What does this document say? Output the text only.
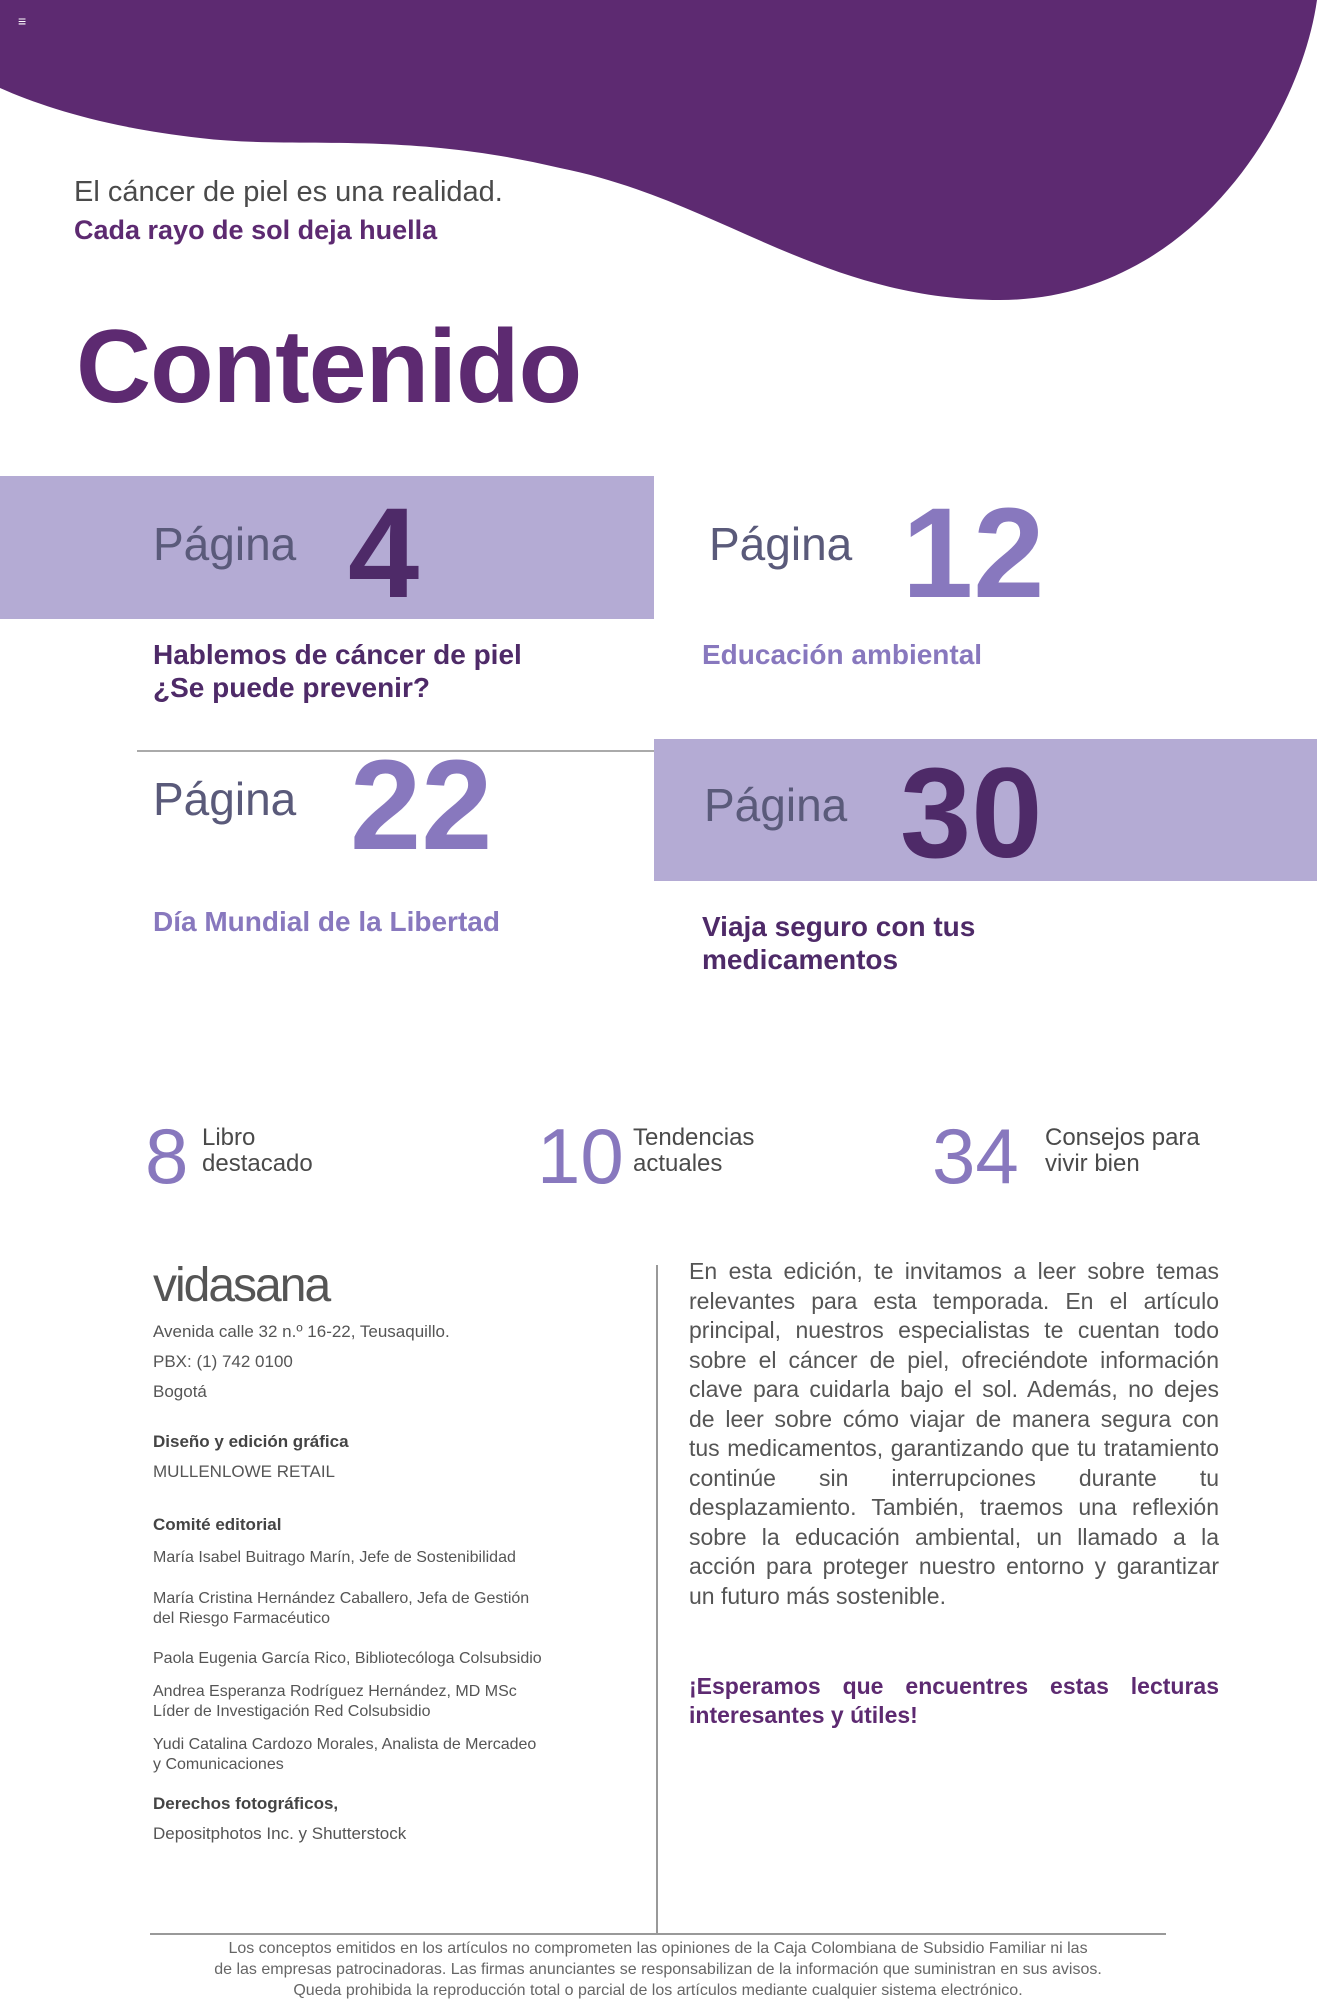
≡
El cáncer de piel es una realidad.
Cada rayo de sol deja huella
Contenido
Página 4
Hablemos de cáncer de piel
¿Se puede prevenir?
Página 12
Educación ambiental
Página 22
Día Mundial de la Libertad
Página 30
Viaja seguro con tus
medicamentos
8 Libro
destacado	10 Tendencias
actuales	34 Consejos para
vivir bien
vidasana
Avenida calle 32 n.º 16-22, Teusaquillo.
PBX: (1) 742 0100
Bogotá
Diseño y edición gráfica
MULLENLOWE RETAIL
Comité editorial
María Isabel Buitrago Marín, Jefe de Sostenibilidad
María Cristina Hernández Caballero, Jefa de Gestión
del Riesgo Farmacéutico
Paola Eugenia García Rico, Bibliotecóloga Colsubsidio
Andrea Esperanza Rodríguez Hernández, MD MSc
Líder de Investigación Red Colsubsidio
Yudi Catalina Cardozo Morales, Analista de Mercadeo
y Comunicaciones
Derechos fotográficos,
Depositphotos Inc. y Shutterstock
En esta edición, te invitamos a leer sobre temas relevantes para esta temporada. En el artículo principal, nuestros especialistas te cuentan todo sobre el cáncer de piel, ofreciéndote información clave para cuidarla bajo el sol. Además, no dejes de leer sobre cómo viajar de manera segura con tus medicamentos, garantizando que tu tratamiento continúe sin interrupciones durante tu desplazamiento. También, traemos una reflexión sobre la educación ambiental, un llamado a la acción para proteger nuestro entorno y garantizar un futuro más sostenible.
¡Esperamos que encuentres estas lecturas interesantes y útiles!
Los conceptos emitidos en los artículos no comprometen las opiniones de la Caja Colombiana de Subsidio Familiar ni las
de las empresas patrocinadoras. Las firmas anunciantes se responsabilizan de la información que suministran en sus avisos.
Queda prohibida la reproducción total o parcial de los artículos mediante cualquier sistema electrónico.
